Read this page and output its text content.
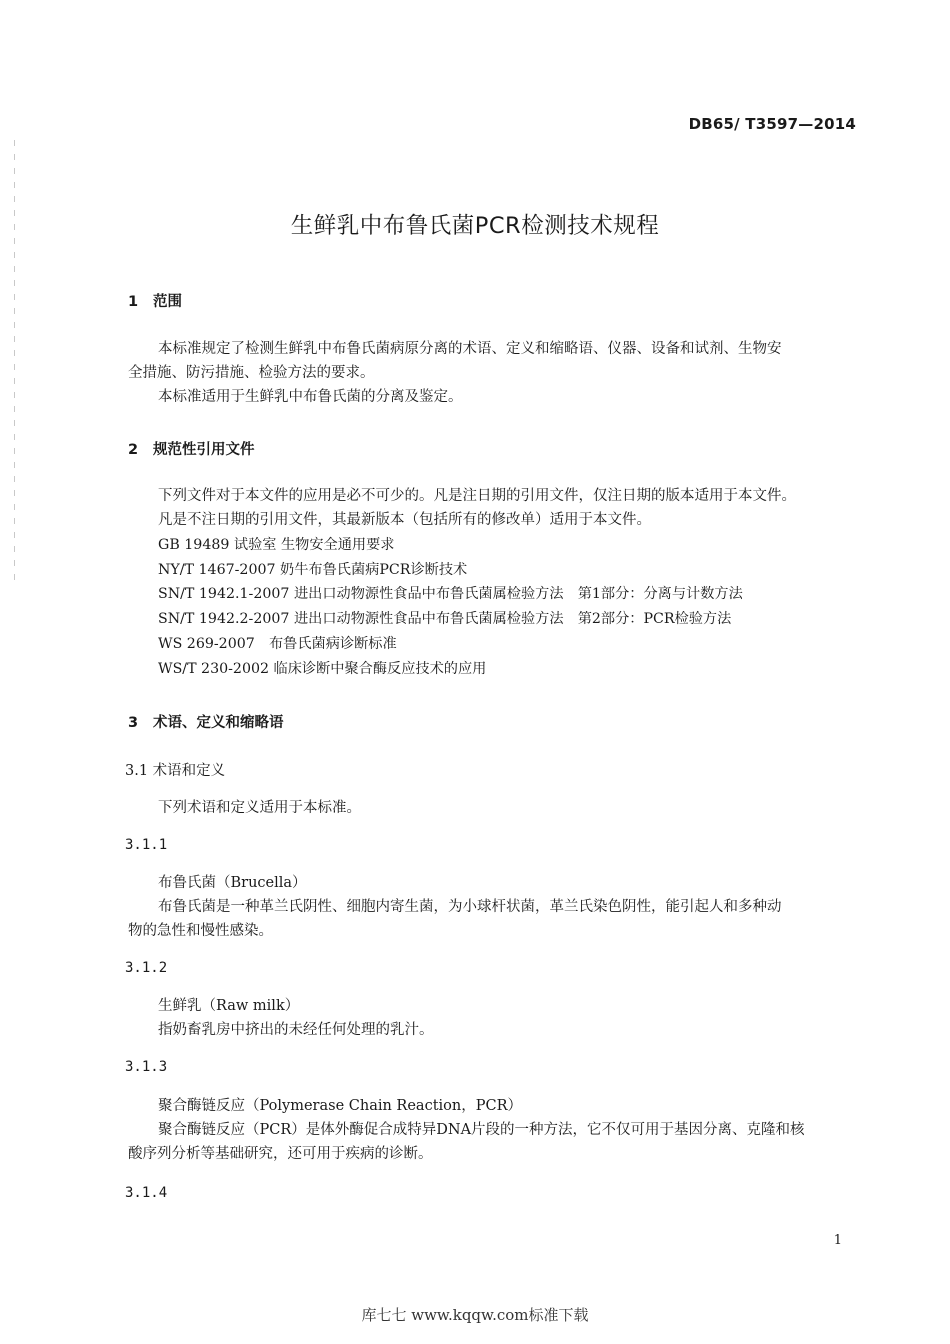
DB65/ T3597—2014
生鲜乳中布鲁氏菌PCR检测技术规程
1 范围
本标准规定了检测生鲜乳中布鲁氏菌病原分离的术语、定义和缩略语、仪器、设备和试剂、生物安
全措施、防污措施、检验方法的要求。
本标准适用于生鲜乳中布鲁氏菌的分离及鉴定。
2 规范性引用文件
下列文件对于本文件的应用是必不可少的。凡是注日期的引用文件，仅注日期的版本适用于本文件。
凡是不注日期的引用文件，其最新版本（包括所有的修改单）适用于本文件。
GB 19489 试验室 生物安全通用要求
NY/T 1467-2007 奶牛布鲁氏菌病PCR诊断技术
SN/T 1942.1-2007 进出口动物源性食品中布鲁氏菌属检验方法　第1部分：分离与计数方法
SN/T 1942.2-2007 进出口动物源性食品中布鲁氏菌属检验方法　第2部分：PCR检验方法
WS 269-2007　布鲁氏菌病诊断标准
WS/T 230-2002 临床诊断中聚合酶反应技术的应用
3 术语、定义和缩略语
3.1 术语和定义
下列术语和定义适用于本标准。
3.1.1
布鲁氏菌（Brucella）
布鲁氏菌是一种革兰氏阴性、细胞内寄生菌，为小球杆状菌，革兰氏染色阴性，能引起人和多种动
物的急性和慢性感染。
3.1.2
生鲜乳（Raw milk）
指奶畜乳房中挤出的未经任何处理的乳汁。
3.1.3
聚合酶链反应（Polymerase Chain Reaction，PCR）
聚合酶链反应（PCR）是体外酶促合成特异DNA片段的一种方法，它不仅可用于基因分离、克隆和核
酸序列分析等基础研究，还可用于疾病的诊断。
3.1.4
1
库七七 www.kqqw.com标准下载
